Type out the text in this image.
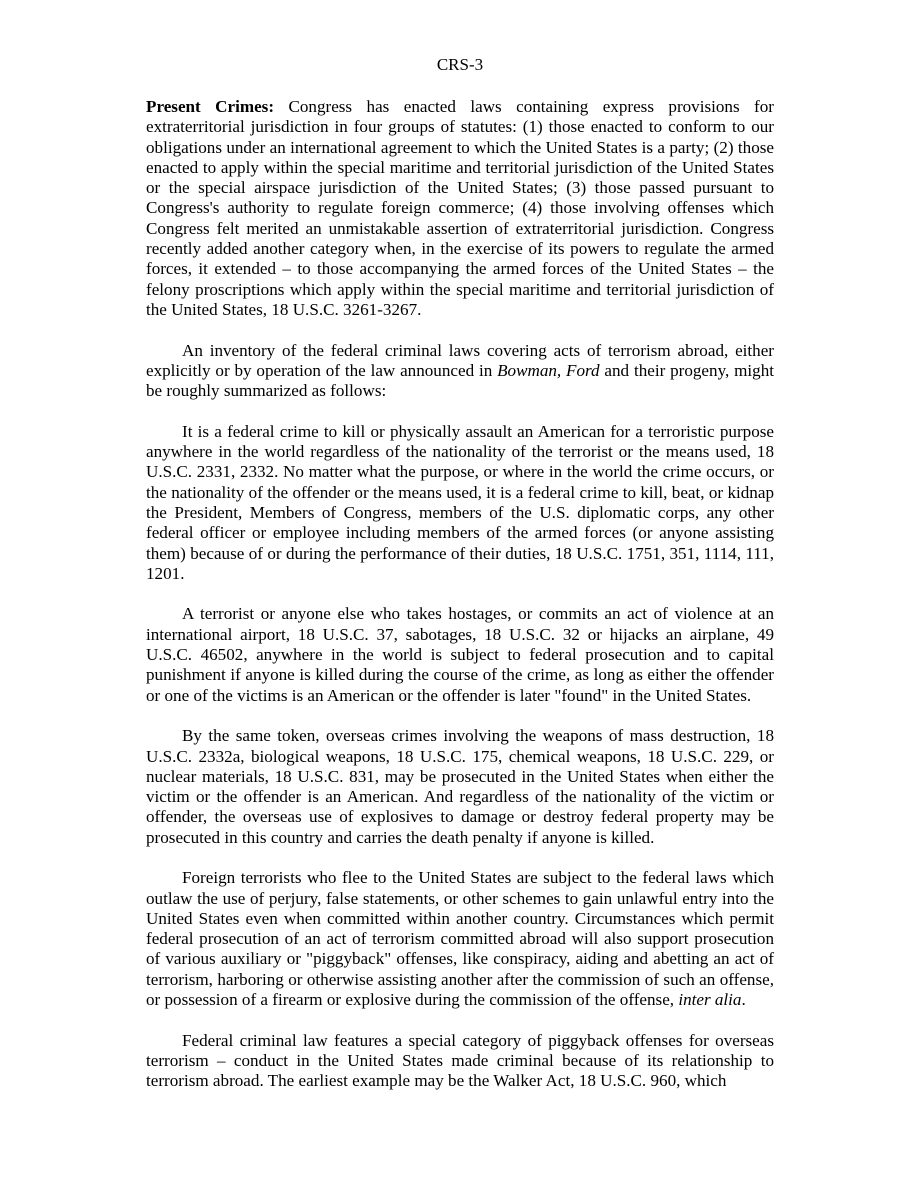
CRS-3

Present Crimes: Congress has enacted laws containing express provisions for extraterritorial jurisdiction in four groups of statutes: (1) those enacted to conform to our obligations under an international agreement to which the United States is a party; (2) those enacted to apply within the special maritime and territorial jurisdiction of the United States or the special airspace jurisdiction of the United States; (3) those passed pursuant to Congress's authority to regulate foreign commerce; (4) those involving offenses which Congress felt merited an unmistakable assertion of extraterritorial jurisdiction. Congress recently added another category when, in the exercise of its powers to regulate the armed forces, it extended – to those accompanying the armed forces of the United States – the felony proscriptions which apply within the special maritime and territorial jurisdiction of the United States, 18 U.S.C. 3261-3267.

An inventory of the federal criminal laws covering acts of terrorism abroad, either explicitly or by operation of the law announced in Bowman, Ford and their progeny, might be roughly summarized as follows:

It is a federal crime to kill or physically assault an American for a terroristic purpose anywhere in the world regardless of the nationality of the terrorist or the means used, 18 U.S.C. 2331, 2332. No matter what the purpose, or where in the world the crime occurs, or the nationality of the offender or the means used, it is a federal crime to kill, beat, or kidnap the President, Members of Congress, members of the U.S. diplomatic corps, any other federal officer or employee including members of the armed forces (or anyone assisting them) because of or during the performance of their duties, 18 U.S.C. 1751, 351, 1114, 111, 1201.

A terrorist or anyone else who takes hostages, or commits an act of violence at an international airport, 18 U.S.C. 37, sabotages, 18 U.S.C. 32 or hijacks an airplane, 49 U.S.C. 46502, anywhere in the world is subject to federal prosecution and to capital punishment if anyone is killed during the course of the crime, as long as either the offender or one of the victims is an American or the offender is later "found" in the United States.

By the same token, overseas crimes involving the weapons of mass destruction, 18 U.S.C. 2332a, biological weapons, 18 U.S.C. 175, chemical weapons, 18 U.S.C. 229, or nuclear materials, 18 U.S.C. 831, may be prosecuted in the United States when either the victim or the offender is an American. And regardless of the nationality of the victim or offender, the overseas use of explosives to damage or destroy federal property may be prosecuted in this country and carries the death penalty if anyone is killed.

Foreign terrorists who flee to the United States are subject to the federal laws which outlaw the use of perjury, false statements, or other schemes to gain unlawful entry into the United States even when committed within another country. Circumstances which permit federal prosecution of an act of terrorism committed abroad will also support prosecution of various auxiliary or "piggyback" offenses, like conspiracy, aiding and abetting an act of terrorism, harboring or otherwise assisting another after the commission of such an offense, or possession of a firearm or explosive during the commission of the offense, inter alia.

Federal criminal law features a special category of piggyback offenses for overseas terrorism – conduct in the United States made criminal because of its relationship to terrorism abroad. The earliest example may be the Walker Act, 18 U.S.C. 960, which
